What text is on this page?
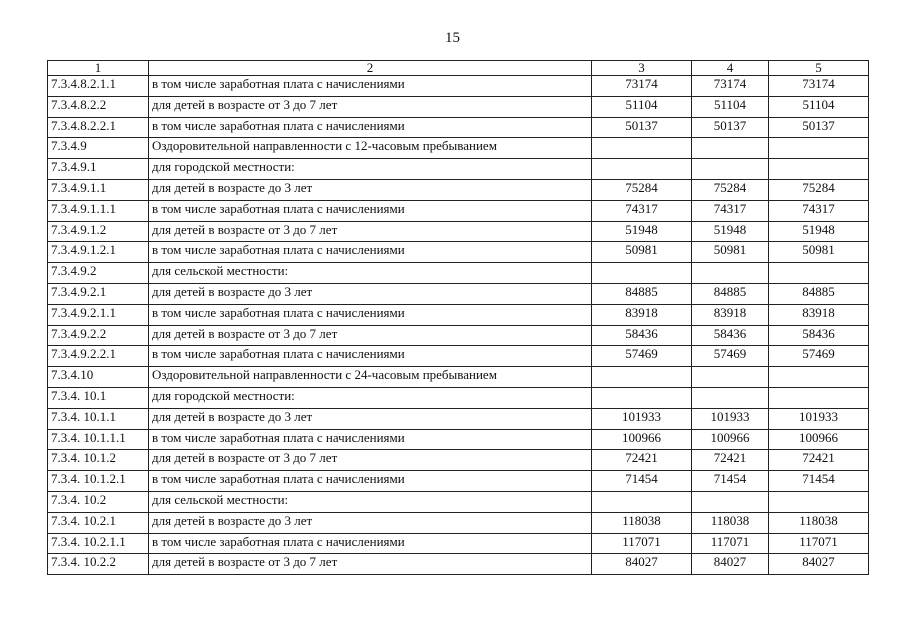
15
1	2	3	4	5
7.3.4.8.2.1.1	в том числе заработная плата с начислениями	73174	73174	73174
7.3.4.8.2.2	для детей в возрасте от 3 до 7 лет	51104	51104	51104
7.3.4.8.2.2.1	в том числе заработная плата с начислениями	50137	50137	50137
7.3.4.9	Оздоровительной направленности с 12-часовым пребыванием			
7.3.4.9.1	для городской местности:			
7.3.4.9.1.1	для детей в возрасте до 3 лет	75284	75284	75284
7.3.4.9.1.1.1	в том числе заработная плата с начислениями	74317	74317	74317
7.3.4.9.1.2	для детей в возрасте от 3 до 7 лет	51948	51948	51948
7.3.4.9.1.2.1	в том числе заработная плата с начислениями	50981	50981	50981
7.3.4.9.2	для сельской местности:			
7.3.4.9.2.1	для детей в возрасте до 3 лет	84885	84885	84885
7.3.4.9.2.1.1	в том числе заработная плата с начислениями	83918	83918	83918
7.3.4.9.2.2	для детей в возрасте от 3 до 7 лет	58436	58436	58436
7.3.4.9.2.2.1	в том числе заработная плата с начислениями	57469	57469	57469
7.3.4.10	Оздоровительной направленности с 24-часовым пребыванием			
7.3.4. 10.1	для городской местности:			
7.3.4. 10.1.1	для детей в возрасте до 3 лет	101933	101933	101933
7.3.4. 10.1.1.1	в том числе заработная плата с начислениями	100966	100966	100966
7.3.4. 10.1.2	для детей в возрасте от 3 до 7 лет	72421	72421	72421
7.3.4. 10.1.2.1	в том числе заработная плата с начислениями	71454	71454	71454
7.3.4. 10.2	для сельской местности:			
7.3.4. 10.2.1	для детей в возрасте до 3 лет	118038	118038	118038
7.3.4. 10.2.1.1	в том числе заработная плата с начислениями	117071	117071	117071
7.3.4. 10.2.2	для детей в возрасте от 3 до 7 лет	84027	84027	84027
